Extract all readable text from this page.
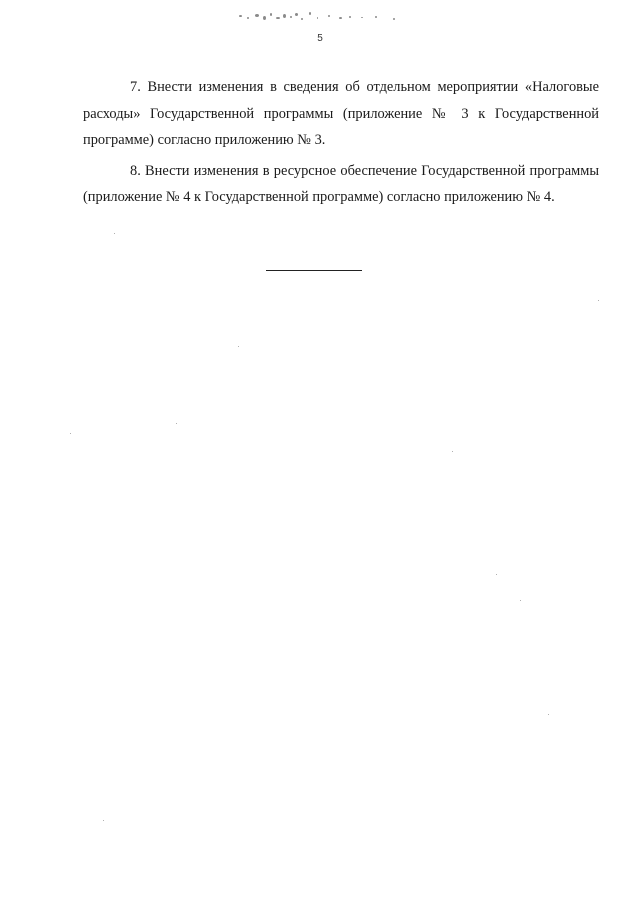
5

7. Внести изменения в сведения об отдельном мероприятии «Налоговые расходы» Государственной программы (приложение № 3 к Государственной программе) согласно приложению № 3.

8. Внести изменения в ресурсное обеспечение Государственной программы (приложение № 4 к Государственной программе) согласно приложению № 4.
